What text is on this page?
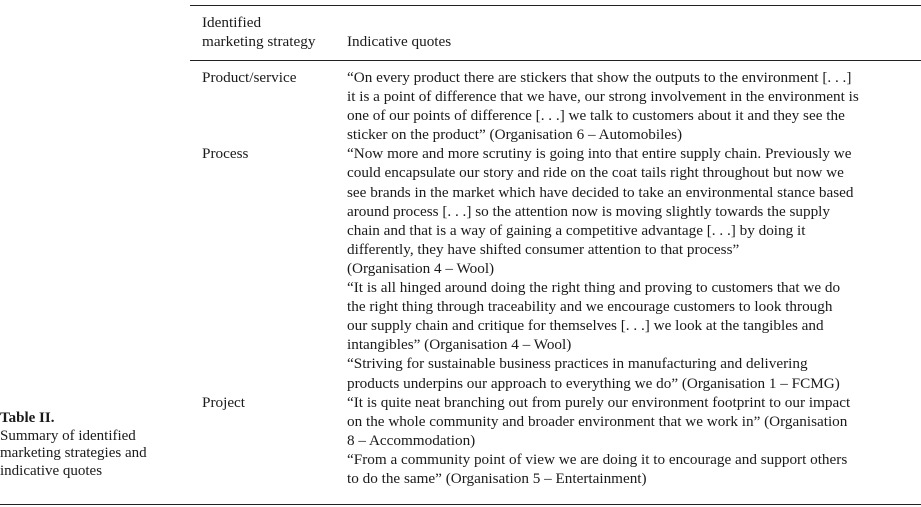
Identified
marketing strategy	Indicative quotes
Product/service	“On every product there are stickers that show the outputs to the environment [. . .]
it is a point of difference that we have, our strong involvement in the environment is
one of our points of difference [. . .] we talk to customers about it and they see the
sticker on the product” (Organisation 6 – Automobiles)
Process	“Now more and more scrutiny is going into that entire supply chain. Previously we
could encapsulate our story and ride on the coat tails right throughout but now we
see brands in the market which have decided to take an environmental stance based
around process [. . .] so the attention now is moving slightly towards the supply
chain and that is a way of gaining a competitive advantage [. . .] by doing it
differently, they have shifted consumer attention to that process”
(Organisation 4 – Wool)
“It is all hinged around doing the right thing and proving to customers that we do
the right thing through traceability and we encourage customers to look through
our supply chain and critique for themselves [. . .] we look at the tangibles and
intangibles” (Organisation 4 – Wool)
“Striving for sustainable business practices in manufacturing and delivering
products underpins our approach to everything we do” (Organisation 1 – FCMG)
Project	“It is quite neat branching out from purely our environment footprint to our impact
on the whole community and broader environment that we work in” (Organisation
8 – Accommodation)
“From a community point of view we are doing it to encourage and support others
to do the same” (Organisation 5 – Entertainment)
Table II.
Summary of identified
marketing strategies and
indicative quotes
